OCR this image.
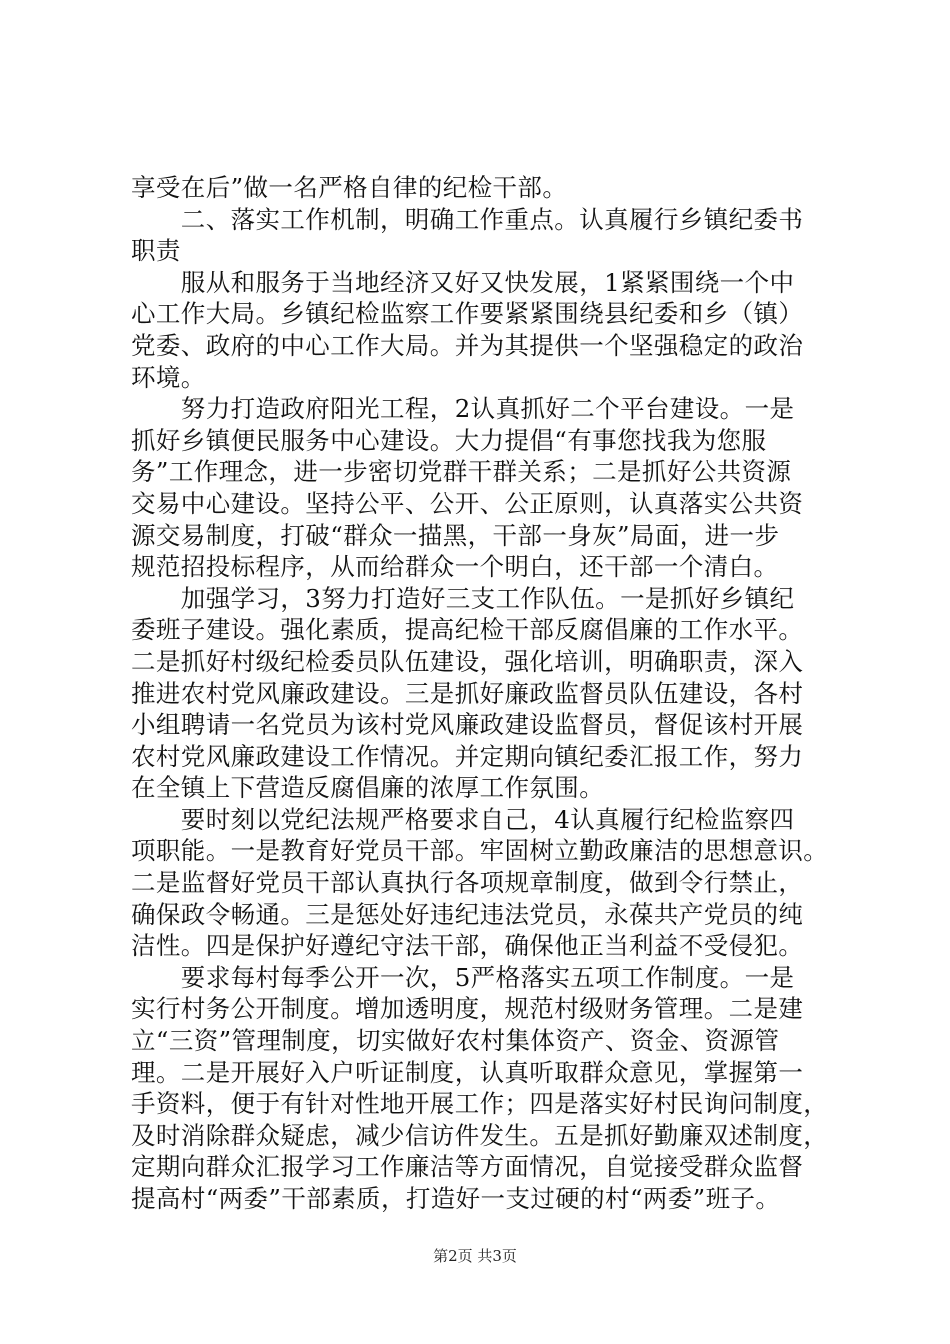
享受在后”做一名严格自律的纪检干部。
　　二、落实工作机制，明确工作重点。认真履行乡镇纪委书
职责
　　服从和服务于当地经济又好又快发展，1紧紧围绕一个中
心工作大局。乡镇纪检监察工作要紧紧围绕县纪委和乡（镇）
党委、政府的中心工作大局。并为其提供一个坚强稳定的政治
环境。
　　努力打造政府阳光工程，2认真抓好二个平台建设。一是
抓好乡镇便民服务中心建设。大力提倡“有事您找我为您服
务”工作理念，进一步密切党群干群关系；二是抓好公共资源
交易中心建设。坚持公平、公开、公正原则，认真落实公共资
源交易制度，打破“群众一描黑，干部一身灰”局面，进一步
规范招投标程序，从而给群众一个明白，还干部一个清白。
　　加强学习，3努力打造好三支工作队伍。一是抓好乡镇纪
委班子建设。强化素质，提高纪检干部反腐倡廉的工作水平。
二是抓好村级纪检委员队伍建设，强化培训，明确职责，深入
推进农村党风廉政建设。三是抓好廉政监督员队伍建设，各村
小组聘请一名党员为该村党风廉政建设监督员，督促该村开展
农村党风廉政建设工作情况。并定期向镇纪委汇报工作，努力
在全镇上下营造反腐倡廉的浓厚工作氛围。
　　要时刻以党纪法规严格要求自己，4认真履行纪检监察四
项职能。一是教育好党员干部。牢固树立勤政廉洁的思想意识。
二是监督好党员干部认真执行各项规章制度，做到令行禁止，
确保政令畅通。三是惩处好违纪违法党员，永葆共产党员的纯
洁性。四是保护好遵纪守法干部，确保他正当利益不受侵犯。
　　要求每村每季公开一次，5严格落实五项工作制度。一是
实行村务公开制度。增加透明度，规范村级财务管理。二是建
立“三资”管理制度，切实做好农村集体资产、资金、资源管
理。二是开展好入户听证制度，认真听取群众意见，掌握第一
手资料，便于有针对性地开展工作；四是落实好村民询问制度，
及时消除群众疑虑，减少信访件发生。五是抓好勤廉双述制度，
定期向群众汇报学习工作廉洁等方面情况，自觉接受群众监督
提高村“两委”干部素质，打造好一支过硬的村“两委”班子。
第2页 共3页
